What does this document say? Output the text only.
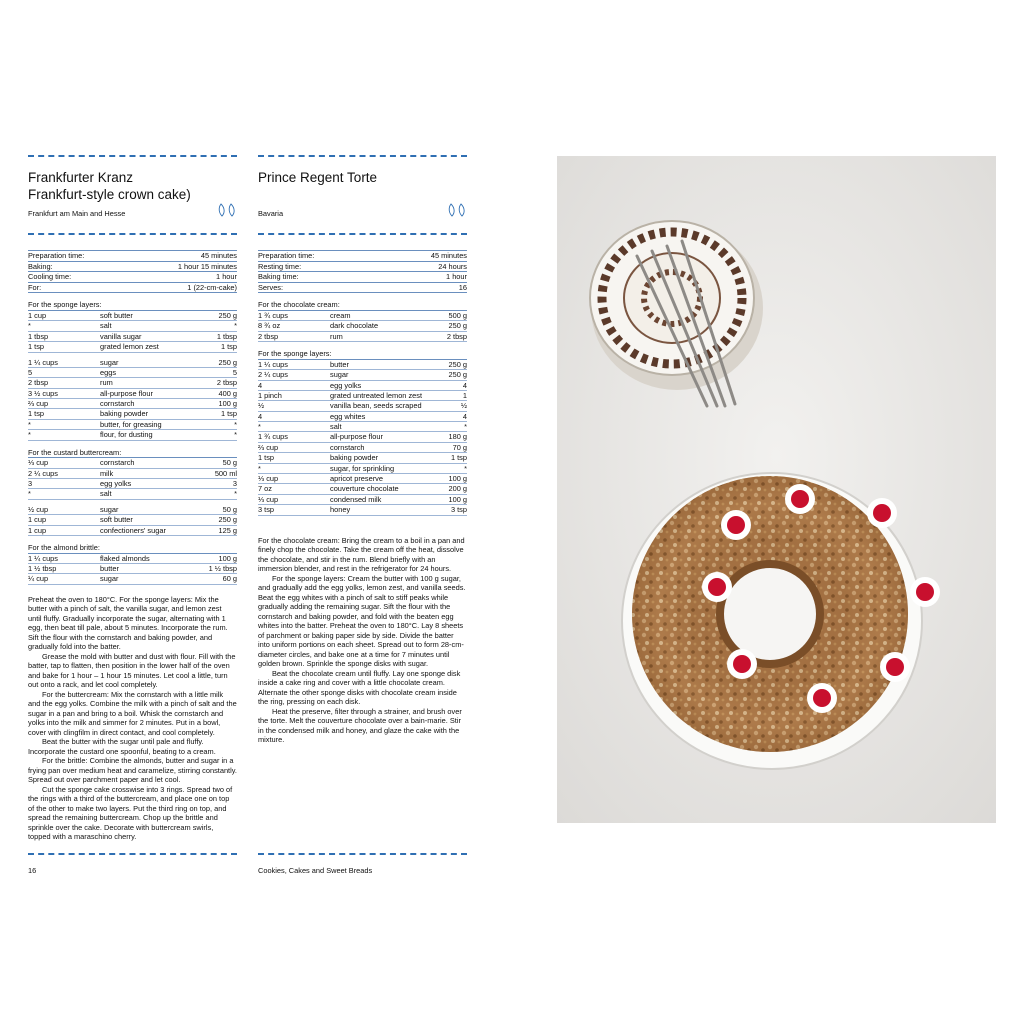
Frankfurter Kranz
Frankfurt-style crown cake)
Frankfurt am Main and Hesse
Preparation time:	45 minutes
Baking:	1 hour 15 minutes
Cooling time:	1 hour
For:	1 (22-cm-cake)
For the sponge layers:
1 cup	soft butter	250 g
*	salt	*
1 tbsp	vanilla sugar	1 tbsp
1 tsp	grated lemon zest	1 tsp
1 ¼ cups	sugar	250 g
5	eggs	5
2 tbsp	rum	2 tbsp
3 ½ cups	all-purpose flour	400 g
⅔ cup	cornstarch	100 g
1 tsp	baking powder	1 tsp
*	butter, for greasing	*
*	flour, for dusting	*
For the custard buttercream:
⅓ cup	cornstarch	50 g
2 ¼ cups	milk	500 ml
3	egg yolks	3
*	salt	*
½ cup	sugar	50 g
1 cup	soft butter	250 g
1 cup	confectioners' sugar	125 g
For the almond brittle:
1 ¼ cups	flaked almonds	100 g
1 ½ tbsp	butter	1 ½ tbsp
¼ cup	sugar	60 g

Preheat the oven to 180°C. For the sponge layers: Mix the butter with a pinch of salt, the vanilla sugar, and lemon zest until fluffy. Gradually incorporate the sugar, alternating with 1 egg, then beat till pale, about 5 minutes. Incorporate the rum. Sift the flour with the cornstarch and baking powder, and gradually fold into the batter.

Grease the mold with butter and dust with flour. Fill with the batter, tap to flatten, then position in the lower half of the oven and bake for 1 hour – 1 hour 15 minutes. Let cool a little, turn out onto a rack, and let cool completely.

For the buttercream: Mix the cornstarch with a little milk and the egg yolks. Combine the milk with a pinch of salt and the sugar in a pan and bring to a boil. Whisk the cornstarch and yolks into the milk and simmer for 2 minutes. Put in a bowl, cover with clingfilm in direct contact, and cool completely.

Beat the butter with the sugar until pale and fluffy. Incorporate the custard one spoonful, beating to a cream.

For the brittle: Combine the almonds, butter and sugar in a frying pan over medium heat and caramelize, stirring constantly. Spread out over parchment paper and let cool.

Cut the sponge cake crosswise into 3 rings. Spread two of the rings with a third of the buttercream, and place one on top of the other to make two layers. Put the third ring on top, and spread the remaining buttercream. Chop up the brittle and sprinkle over the cake. Decorate with buttercream swirls, topped with a maraschino cherry.

Prince Regent Torte
Bavaria
Preparation time:	45 minutes
Resting time:	24 hours
Baking time:	1 hour
Serves:	16
For the chocolate cream:
1 ¾ cups	cream	500 g
8 ¾ oz	dark chocolate	250 g
2 tbsp	rum	2 tbsp
For the sponge layers:
1 ¼ cups	butter	250 g
2 ¼ cups	sugar	250 g
4	egg yolks	4
1 pinch	grated untreated lemon zest	1
½	vanilla bean, seeds scraped	½
4	egg whites	4
*	salt	*
1 ¾ cups	all-purpose flour	180 g
⅔ cup	cornstarch	70 g
1 tsp	baking powder	1 tsp
*	sugar, for sprinkling	*
⅓ cup	apricot preserve	100 g
7 oz	couverture chocolate	200 g
⅓ cup	condensed milk	100 g
3 tsp	honey	3 tsp

For the chocolate cream: Bring the cream to a boil in a pan and finely chop the chocolate. Take the cream off the heat, dissolve the chocolate, and stir in the rum. Blend briefly with an immersion blender, and rest in the refrigerator for 24 hours.

For the sponge layers: Cream the butter with 100 g sugar, and gradually add the egg yolks, lemon zest, and vanilla seeds. Beat the egg whites with a pinch of salt to stiff peaks while gradually adding the remaining sugar. Sift the flour with the cornstarch and baking powder, and fold with the beaten egg whites into the batter. Preheat the oven to 180°C. Lay 8 sheets of parchment or baking paper side by side. Divide the batter into uniform portions on each sheet. Spread out to form 28-cm-diameter circles, and bake one at a time for 7 minutes until golden brown. Sprinkle the sponge disks with sugar.

Beat the chocolate cream until fluffy. Lay one sponge disk inside a cake ring and cover with a little chocolate cream. Alternate the other sponge disks with chocolate cream inside the ring, pressing on each disk.

Heat the preserve, filter through a strainer, and brush over the torte. Melt the couverture chocolate over a bain-marie. Stir in the condensed milk and honey, and glaze the cake with the mixture.

16	Cookies, Cakes and Sweet Breads
